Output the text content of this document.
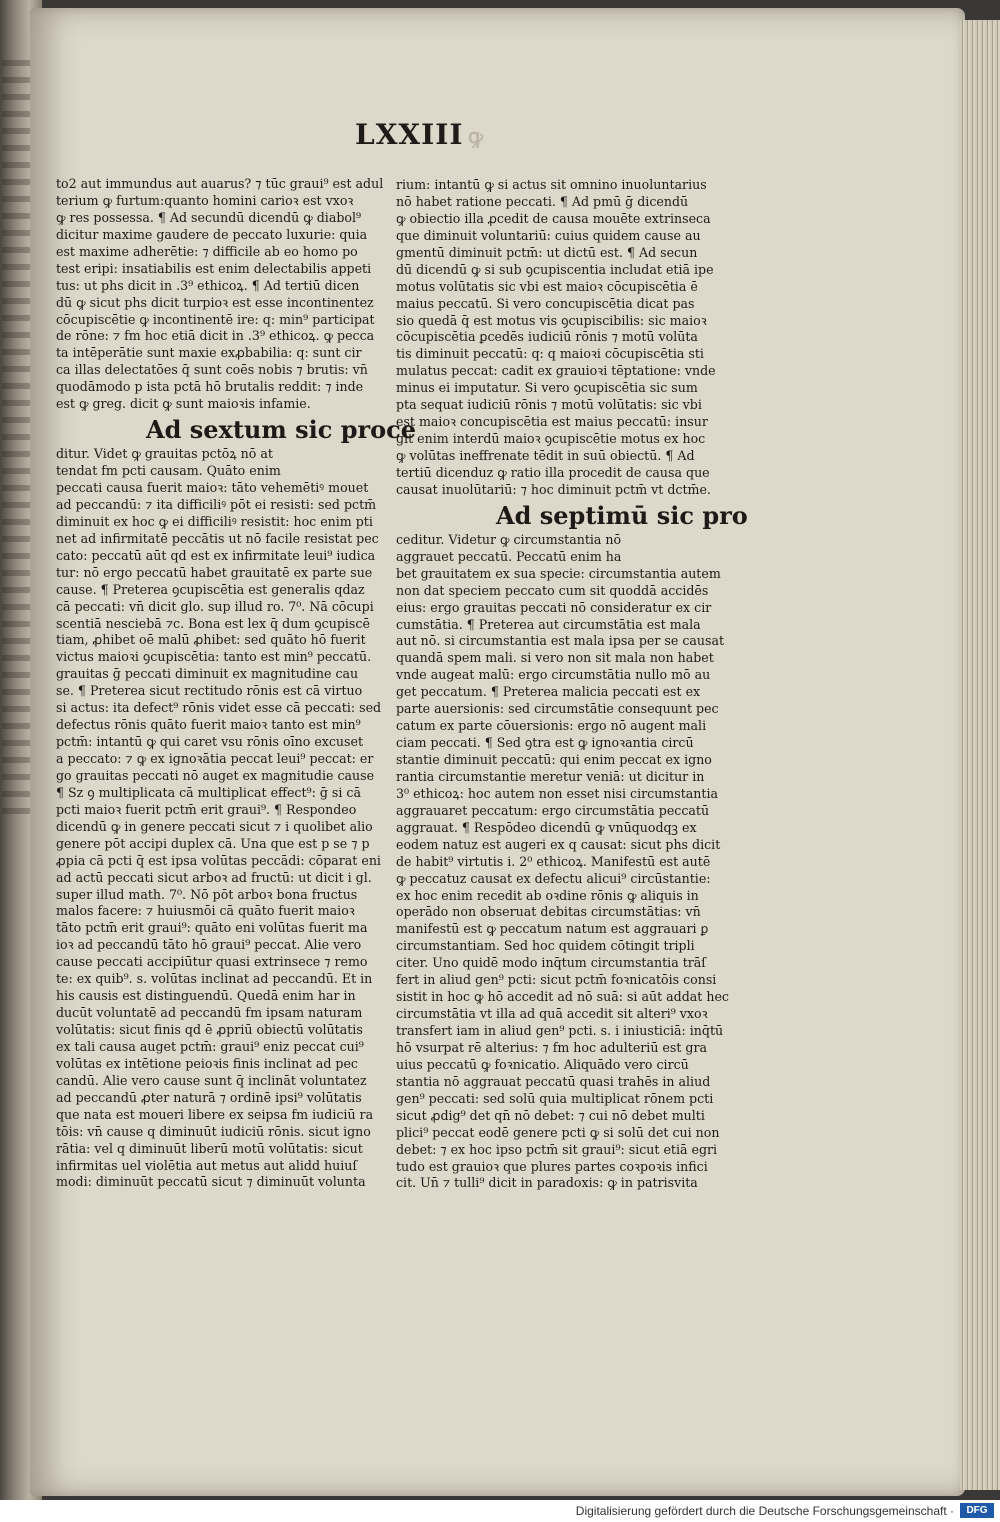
LXXIII ꝙ
to2 aut immundus aut auarus? ⁊ tūc graui⁹ est adul
terium ꝙ furtum:quanto homini carioꝛ est vxoꝛ
ꝙ res possessa. ¶ Ad secundū dicendū ꝙ diabol⁹
dicitur maxime gaudere de peccato luxurie: quia
est maxime adherētie: ⁊ difficile ab eo homo po
test eripi: insatiabilis est enim delectabilis appeti
tus: ut phs dicit in .3⁹ ethicoꝝ. ¶ Ad tertiū dicen
dū ꝙ sicut phs dicit turpioꝛ est esse incontinentez
cōcupiscētie ꝙ incontinentē ire: q: min⁹ participat
de rōne: ⁊ fm hoc etiā dicit in .3⁹ ethicoꝝ. ꝙ pecca
ta intēperātie sunt maxie exꝓbabilia: q: sunt cir
ca illas delectatōes q̄ sunt coēs nobis ⁊ brutis: vn̄
quodāmodo p ista pctā hō brutalis reddit: ⁊ inde
est ꝙ greg. dicit ꝙ sunt maioꝛis infamie.
Ad sextum sic proce
ditur. Videt ꝙ grauitas pctōꝝ nō at
tendat fm pcti causam. Quāto enim
peccati causa fuerit maioꝛ: tāto vehemētiꝰ mouet
ad peccandū: ⁊ ita difficiliꝰ pōt ei resisti: sed pctm̄
diminuit ex hoc ꝙ ei difficiliꝰ resistit: hoc enim pti
net ad infirmitatē peccātis ut nō facile resistat pec
cato: peccatū aūt qd est ex infirmitate leui⁹ iudica
tur: nō ergo peccatū habet grauitatē ex parte sue
cause. ¶ Preterea ꝯcupiscētia est generalis qdaz
cā peccati: vn̄ dicit glo. sup illud ro. 7⁰. Nā cōcupi
scentiā nesciebā ⁊c. Bona est lex q̄ dum ꝯcupiscē
tiam, ꝓhibet oē malū ꝓhibet: sed quāto hō fuerit
victus maioꝛi ꝯcupiscētia: tanto est min⁹ peccatū.
grauitas ḡ peccati diminuit ex magnitudine cau
se. ¶ Preterea sicut rectitudo rōnis est cā virtuo
si actus: ita defect⁹ rōnis videt esse cā peccati: sed
defectus rōnis quāto fuerit maioꝛ tanto est min⁹
pctm̄: intantū ꝙ qui caret vsu rōnis oīno excuset
a peccato: ⁊ ꝙ ex ignoꝛātia peccat leui⁹ peccat: er
go grauitas peccati nō auget ex magnitudie cause
¶ Sz ꝯ multiplicata cā multiplicat effect⁹: ḡ si cā
pcti maioꝛ fuerit pctm̄ erit graui⁹. ¶ Respondeo
dicendū ꝙ in genere peccati sicut ⁊ i quolibet alio
genere pōt accipi duplex cā. Una que est p se ⁊ p
ꝓpia cā pcti q̄ est ipsa volūtas peccādi: cōparat eni
ad actū peccati sicut arboꝛ ad fructū: ut dicit i gl.
super illud math. 7⁰. Nō pōt arboꝛ bona fructus
malos facere: ⁊ huiusmōi cā quāto fuerit maioꝛ
tāto pctm̄ erit graui⁹: quāto eni volūtas fuerit ma
ioꝛ ad peccandū tāto hō graui⁹ peccat. Alie vero
cause peccati accipiūtur quasi extrinsece ⁊ remo
te: ex quib⁹. s. volūtas inclinat ad peccandū. Et in
his causis est distinguendū. Quedā enim har in
ducūt voluntatē ad peccandū fm ipsam naturam
volūtatis: sicut finis qd ē ꝓpriū obiectū volūtatis
ex tali causa auget pctm̄: graui⁹ eniz peccat cui⁹
volūtas ex intētione peioꝛis finis inclinat ad pec
candū. Alie vero cause sunt q̄ inclināt voluntatez
ad peccandū ꝓter naturā ⁊ ordinē ipsi⁹ volūtatis
que nata est moueri libere ex seipsa fm iudiciū ra
tōis: vn̄ cause q diminuūt iudiciū rōnis. sicut igno
rātia: vel q diminuūt liberū motū volūtatis: sicut
infirmitas uel violētia aut metus aut alidd huiuſ
modi: diminuūt peccatū sicut ⁊ diminuūt volunta
rium: intantū ꝙ si actus sit omnino inuoluntarius
nō habet ratione peccati. ¶ Ad pmū ḡ dicendū
ꝙ obiectio illa ꝓcedit de causa mouēte extrinseca
que diminuit voluntariū: cuius quidem cause au
gmentū diminuit pctm̄: ut dictū est. ¶ Ad secun
dū dicendū ꝙ si sub ꝯcupiscentia includat etiā ipe
motus volūtatis sic vbi est maioꝛ cōcupiscētia ē
maius peccatū. Si vero concupiscētia dicat pas
sio quedā q̄ est motus vis ꝯcupiscibilis: sic maioꝛ
cōcupiscētia ꝑcedēs iudiciū rōnis ⁊ motū volūta
tis diminuit peccatū: q: q maioꝛi cōcupiscētia sti
mulatus peccat: cadit ex grauioꝛi tēptatione: vnde
minus ei imputatur. Si vero ꝯcupiscētia sic sum
pta sequat iudiciū rōnis ⁊ motū volūtatis: sic vbi
est maioꝛ concupiscētia est maius peccatū: insur
git enim interdū maioꝛ ꝯcupiscētie motus ex hoc
ꝙ volūtas ineffrenate tēdit in suū obiectū. ¶ Ad
tertiū dicenduz ꝙ ratio illa procedit de causa que
causat inuolūtariū: ⁊ hoc diminuit pctm̄ vt dctm̄e.
Ad septimū sic pro
ceditur. Videtur ꝙ circumstantia nō
aggrauet peccatū. Peccatū enim ha
bet grauitatem ex sua specie: circumstantia autem
non dat speciem peccato cum sit quoddā accidēs
eius: ergo grauitas peccati nō consideratur ex cir
cumstātia. ¶ Preterea aut circumstātia est mala
aut nō. si circumstantia est mala ipsa per se causat
quandā spem mali. si vero non sit mala non habet
vnde augeat malū: ergo circumstātia nullo mō au
get peccatum. ¶ Preterea malicia peccati est ex
parte auersionis: sed circumstātie consequunt pec
catum ex parte cōuersionis: ergo nō augent mali
ciam peccati. ¶ Sed ꝯtra est ꝙ ignoꝛantia circū
stantie diminuit peccatū: qui enim peccat ex igno
rantia circumstantie meretur veniā: ut dicitur in
3⁰ ethicoꝝ: hoc autem non esset nisi circumstantia
aggrauaret peccatum: ergo circumstātia peccatū
aggrauat. ¶ Respōdeo dicendū ꝙ vnūquodqꝫ ex
eodem natuz est augeri ex q causat: sicut phs dicit
de habit⁹ virtutis i. 2⁰ ethicoꝝ. Manifestū est autē
ꝙ peccatuz causat ex defectu alicui⁹ circūstantie:
ex hoc enim recedit ab oꝛdine rōnis ꝙ aliquis in
operādo non obseruat debitas circumstātias: vn̄
manifestū est ꝙ peccatum natum est aggrauari ꝑ
circumstantiam. Sed hoc quidem cōtingit tripli
citer. Uno quidē modo inq̄tum circumstantia trāſ
fert in aliud gen⁹ pcti: sicut pctm̄ foꝛnicatōis consi
sistit in hoc ꝙ hō accedit ad nō suā: si aūt addat hec
circumstātia vt illa ad quā accedit sit alteri⁹ vxoꝛ
transfert iam in aliud gen⁹ pcti. s. i iniusticiā: inq̄tū
hō vsurpat rē alterius: ⁊ fm hoc adulteriū est gra
uius peccatū ꝙ foꝛnicatio. Aliquādo vero circū
stantia nō aggrauat peccatū quasi trahēs in aliud
gen⁹ peccati: sed solū quia multiplicat rōnem pcti
sicut ꝓdig⁹ det qn̄ nō debet: ⁊ cui nō debet multi
plici⁹ peccat eodē genere pcti ꝙ si solū det cui non
debet: ⁊ ex hoc ipso pctm̄ sit graui⁹: sicut etiā egri
tudo est grauioꝛ que plures partes coꝛpoꝛis infici
cit. Un̄ ⁊ tulli⁹ dicit in paradoxis: ꝙ in patrisvita
Digitalisierung gefördert durch die Deutsche Forschungsgemeinschaft ·	DFG
